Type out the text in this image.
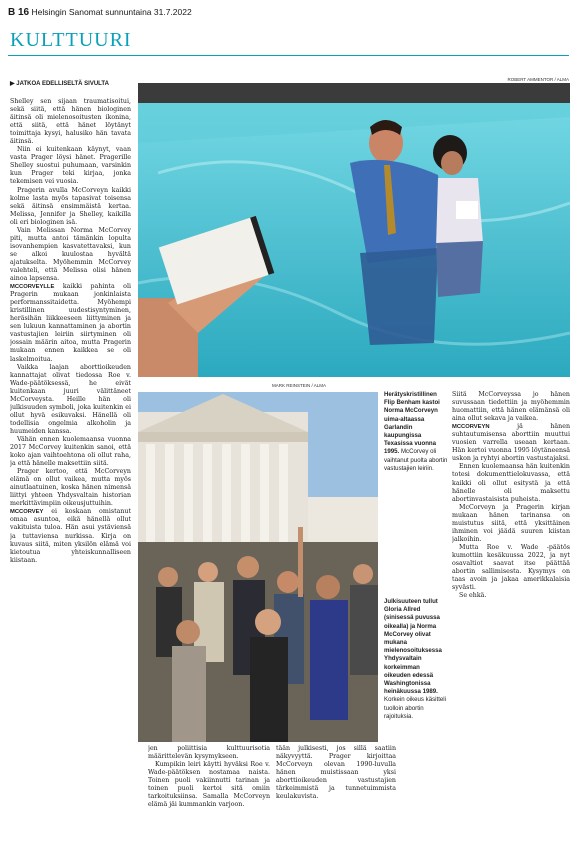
B 16 Helsingin Sanomat sunnuntaina 31.7.2022
KULTTUURI
▶ JATKOA EDELLISELTÄ SIVULTA
ROBERT AMMENTOR / ALMA
MARK REINSTEIN / ALMA

Shelley sen sijaan traumatisoitui, sekä siitä, että hänen biologinen äitinsä oli mielenosoitusten ikonina, että siitä, että hänet löytänyt toimittaja kysyi, halusiko hän tavata äitinsä.

Niin ei kuitenkaan käynyt, vaan vasta Prager löysi hänet. Pragerille Shelley suostui puhumaan, varsinkin kun Prager teki kirjaa, jonka tekemisen vei vuosia.

Pragerin avulla McCorveyn kaikki kolme lasta myös tapasivat toisensa sekä äitinsä ensimmäistä kertaa. Melissa, Jennifer ja Shelley, kaikilla oli eri biologinen isä.

Vain Melissan Norma McCorvey piti, mutta antoi tämänkin lopulta isovanhempien kasvatettavaksi, kun se alkoi kuulostaa hyvältä ajatukselta. Myöhemmin McCorvey valehteli, että Melissa olisi hänen ainoa lapsensa.

MCCORVEYLLE kaikki pahinta oli Pragerin mukaan jonkinlaista performanssitaidetta. Myöhempi kristillinen uudestisyntyminen, heräsihän liikkeeseen liittyminen ja sen lukuun kannattaminen ja abortin vastustajien leiriin siirtyminen oli jossain määrin aitoa, mutta Pragerin mukaan ennen kaikkea se oli laskelmoitua.

Vaikka laajan aborttioikeuden kannattajat olivat tiedossa Roe v. Wade-päätöksessä, he eivät kuitenkaan juuri välittäneet McCorveysta. Heille hän oli julkisuuden symboli, joka kuitenkin ei ollut hyvä esikuvaksi. Hänellä oli todellisia ongelmia alkoholin ja huumeiden kanssa.

Vähän ennen kuolemaansa vuonna 2017 McCorvey kuitenkin sanoi, että koko ajan vaihtoehtona oli ollut raha, ja että hänelle maksettiin siitä.

Prager kertoo, että McCorveyn elämä on ollut vaikea, mutta myös ainutlaatuinen, koska hänen nimensä liittyi yhteen Yhdysvaltain historian merkittävimpiin oikeusjuttuihin.

MCCORVEY ei koskaan omistanut omaa asuntoa, eikä hänellä ollut vakituista tuloa. Hän asui ystäviensä ja tuttaviensa nurkissa. Kirja on kuvaus siitä, miten yksilön elämä voi kietoutua yhteiskunnalliseen kiistaan.

Herätyskristillinen Flip Benham kastoi Norma McCorveyn uima-altaassa Garlandin kaupungissa Texasissa vuonna 1995. McCorvey oli vaihtanut puolta abortin vastustajien leiriin.
Julkisuuteen tullut Gloria Allred (sinisessä puvussa oikealla) ja Norma McCorvey olivat mukana mielenosoituksessa Yhdysvaltain korkeimman oikeuden edessä Washingtonissa heinäkuussa 1989. Korkein oikeus käsitteli tuolloin abortin rajoituksia.

jen poliittisia kulttuurisotia määrittelevän kysymykseen.

Kumpikin leiri käytti hyväksi Roe v. Wade-päätöksen nostamaa naista. Toinen puoli vakiinnutti tarinan ja toinen puoli kertoi sitä omiin tarkoituksiinsa. Samalla McCorveyn elämä jäi kummankin varjoon.

tään julkisesti, jos sillä saatiin näkyvyyttä. Prager kirjoittaa McCorveyn olevan 1990-luvulla hänen muistissaan yksi aborttioikeuden vastustajien tärkeimmistä ja tunnetuimmista keulakuvista.

Siitä McCorveyssa jo hänen suvussaan tiedettiin ja myöhemmin huomattiin, että hänen elämänsä oli aina ollut sekava ja vaikea.

MCCORVEYN jä hänen suhtautumisensa aborttiin muuttui vuosien varrella useaan kertaan. Hän kertoi vuonna 1995 löytäneensä uskon ja ryhtyi abortin vastustajaksi.

Ennen kuolemaansa hän kuitenkin totesi dokumenttielokuvassa, että kaikki oli ollut esitystä ja että hänelle oli maksettu abortinvastaisista puheista.

McCorveyn ja Pragerin kirjan mukaan hänen tarinansa on muistutus siitä, että yksittäinen ihminen voi jäädä suuren kiistan jalkoihin.

Mutta Roe v. Wade -päätös kumottiin kesäkuussa 2022, ja nyt osavaltiot saavat itse päättää abortin sallimisesta. Kysymys on taas avoin ja jakaa amerikkalaisia syvästi.

Se ehkä.
